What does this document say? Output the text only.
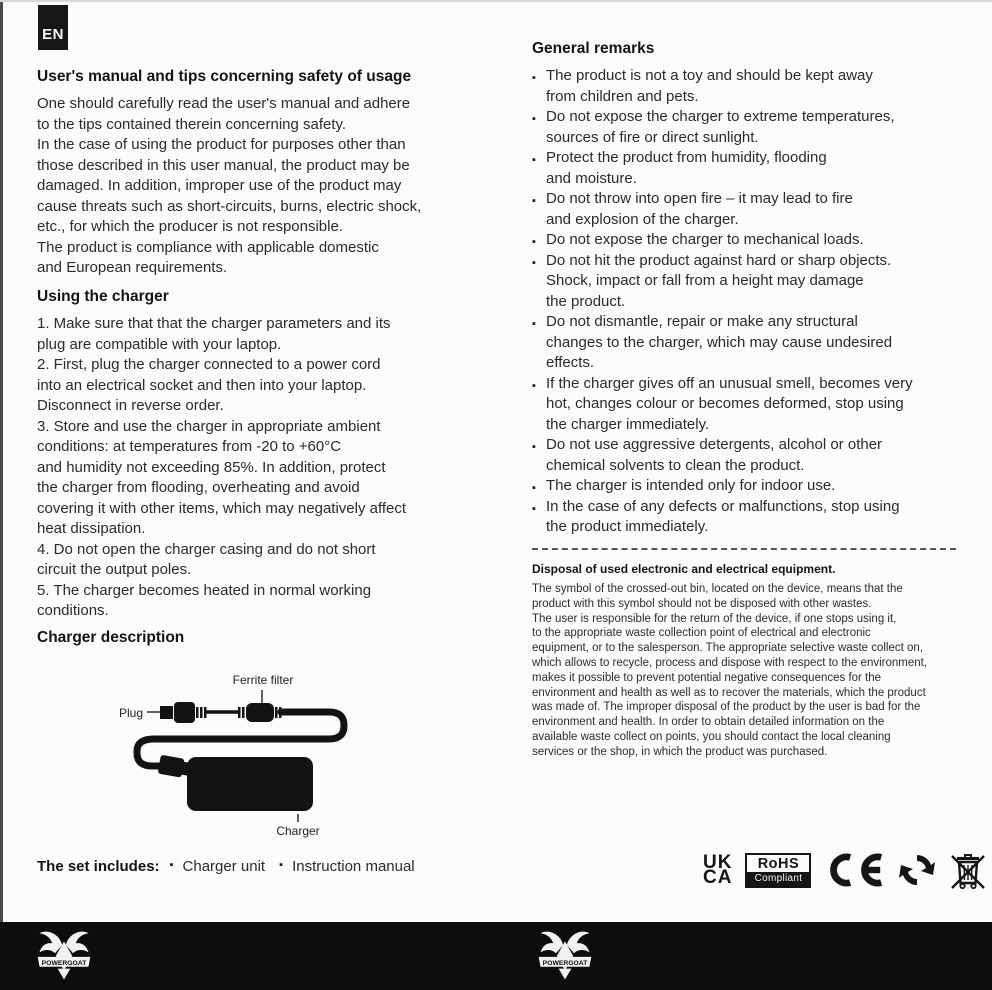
EN
User's manual and tips concerning safety of usage
One should carefully read the user's manual and adhere
to the tips contained therein concerning safety.
In the case of using the product for purposes other than
those described in this user manual, the product may be
damaged. In addition, improper use of the product may
cause threats such as short-circuits, burns, electric shock,
etc., for which the producer is not responsible.
The product is compliance with applicable domestic
and European requirements.
Using the charger
1. Make sure that that the charger parameters and its
plug are compatible with your laptop.
2. First, plug the charger connected to a power cord
into an electrical socket and then into your laptop.
Disconnect in reverse order.
3. Store and use the charger in appropriate ambient
conditions: at temperatures from -20 to +60°C
and humidity not exceeding 85%. In addition, protect
the charger from flooding, overheating and avoid
covering it with other items, which may negatively affect
heat dissipation.
4. Do not open the charger casing and do not short
circuit the output poles.
5. The charger becomes heated in normal working
conditions.
Charger description
Ferrite filter
Plug
Charger
The set includes:	▪ Charger unit	▪ Instruction manual
General remarks
▪ The product is not a toy and should be kept away
from children and pets.
▪ Do not expose the charger to extreme temperatures,
sources of fire or direct sunlight.
▪ Protect the product from humidity, flooding
and moisture.
▪ Do not throw into open fire – it may lead to fire
and explosion of the charger.
▪ Do not expose the charger to mechanical loads.
▪ Do not hit the product against hard or sharp objects.
Shock, impact or fall from a height may damage
the product.
▪ Do not dismantle, repair or make any structural
changes to the charger, which may cause undesired
effects.
▪ If the charger gives off an unusual smell, becomes very
hot, changes colour or becomes deformed, stop using
the charger immediately.
▪ Do not use aggressive detergents, alcohol or other
chemical solvents to clean the product.
▪ The charger is intended only for indoor use.
▪ In the case of any defects or malfunctions, stop using
the product immediately.
Disposal of used electronic and electrical equipment.
The symbol of the crossed-out bin, located on the device, means that the
product with this symbol should not be disposed with other wastes.
The user is responsible for the return of the device, if one stops using it,
to the appropriate waste collection point of electrical and electronic
equipment, or to the salesperson. The appropriate selective waste collect on,
which allows to recycle, process and dispose with respect to the environment,
makes it possible to prevent potential negative consequences for the
environment and health as well as to recover the materials, which the product
was made of. The improper disposal of the product by the user is bad for the
environment and health. In order to obtain detailed information on the
available waste collect on points, you should contact the local cleaning
services or the shop, in which the product was purchased.
UK
CA
RoHS
Compliant
POWERGOAT	POWERGOAT
